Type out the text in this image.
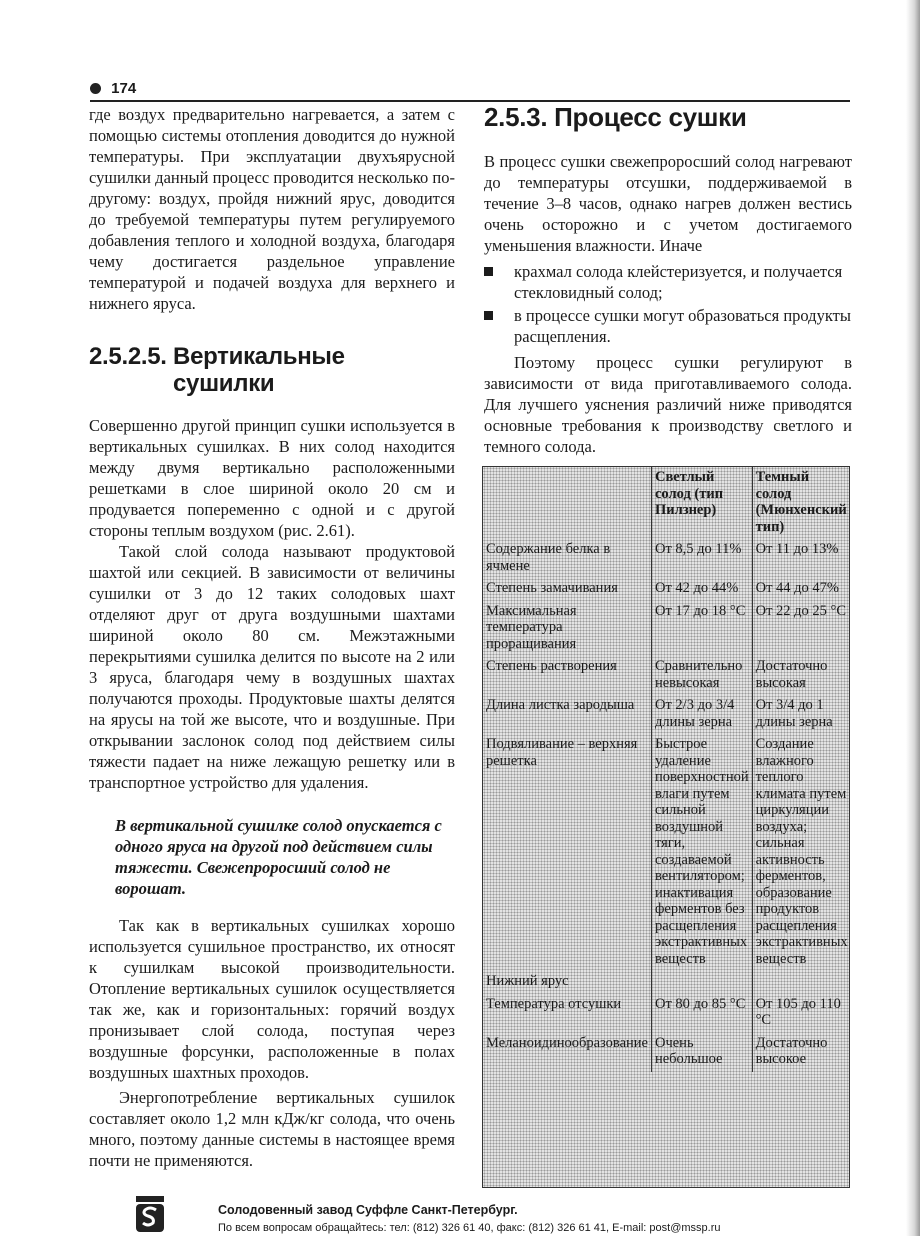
174

где воздух предварительно нагревается, а затем с помощью системы отопления доводится до нужной температуры. При эксплуатации двухъярусной сушилки данный процесс проводится несколько по-другому: воздух, пройдя нижний ярус, доводится до требуемой температуры путем регулируемого добавления теплого и холодной воздуха, благодаря чему достигается раздельное управление температурой и подачей воздуха для верхнего и нижнего яруса.

2.5.2.5. Вертикальные
сушилки

Совершенно другой принцип сушки используется в вертикальных сушилках. В них солод находится между двумя вертикально расположенными решетками в слое шириной около 20 см и продувается попеременно с одной и с другой стороны теплым воздухом (рис. 2.61).

Такой слой солода называют продуктовой шахтой или секцией. В зависимости от величины сушилки от 3 до 12 таких солодовых шахт отделяют друг от друга воздушными шахтами шириной около 80 см. Межэтажными перекрытиями сушилка делится по высоте на 2 или 3 яруса, благодаря чему в воздушных шахтах получаются проходы. Продуктовые шахты делятся на ярусы на той же высоте, что и воздушные. При открывании заслонок солод под действием силы тяжести падает на ниже лежащую решетку или в транспортное устройство для удаления.

В вертикальной сушилке солод опускается с одного яруса на другой под действием силы тяжести. Свежепроросший солод не ворошат.

Так как в вертикальных сушилках хорошо используется сушильное пространство, их относят к сушилкам высокой производительности. Отопление вертикальных сушилок осуществляется так же, как и горизонтальных: горячий воздух пронизывает слой солода, поступая через воздушные форсунки, расположенные в полах воздушных шахтных проходов.

Энергопотребление вертикальных сушилок составляет около 1,2 млн кДж/кг солода, что очень много, поэтому данные системы в настоящее время почти не применяются.

2.5.3. Процесс сушки

В процесс сушки свежепроросший солод нагревают до температуры отсушки, поддерживаемой в течение 3–8 часов, однако нагрев должен вестись очень осторожно и с учетом достигаемого уменьшения влажности. Иначе

крахмал солода клейстеризуется, и получается стекловидный солод;
в процессе сушки могут образоваться продукты расщепления.

Поэтому процесс сушки регулируют в зависимости от вида приготавливаемого солода. Для лучшего уяснения различий ниже приводятся основные требования к производству светлого и темного солода.

	Светлый солод (тип Пилзнер)	Темный солод (Мюнхенский тип)
Содержание белка в ячмене	От 8,5 до 11%	От 11 до 13%
Степень замачивания	От 42 до 44%	От 44 до 47%
Максимальная температура проращивания	От 17 до 18 °С	От 22 до 25 °С
Степень растворения	Сравнительно невысокая	Достаточно высокая
Длина листка зародыша	От 2/3 до 3/4 длины зерна	От 3/4 до 1 длины зерна
Подвяливание – верхняя решетка	Быстрое удаление поверхностной влаги путем сильной воздушной тяги, создаваемой вентилятором; инактивация ферментов без расщепления экстрактивных веществ	Создание влажного теплого климата путем циркуляции воздуха; сильная активность ферментов, образование продуктов расщепления экстрактивных веществ
Нижний ярус		
Температура отсушки	От 80 до 85 °С	От 105 до 110 °С
Меланоидинообразование	Очень небольшое	Достаточно высокое
Солодовенный завод Суффле Санкт-Петербург.
По всем вопросам обращайтесь: тел: (812) 326 61 40, факс: (812) 326 61 41, E-mail: post@mssp.ru
